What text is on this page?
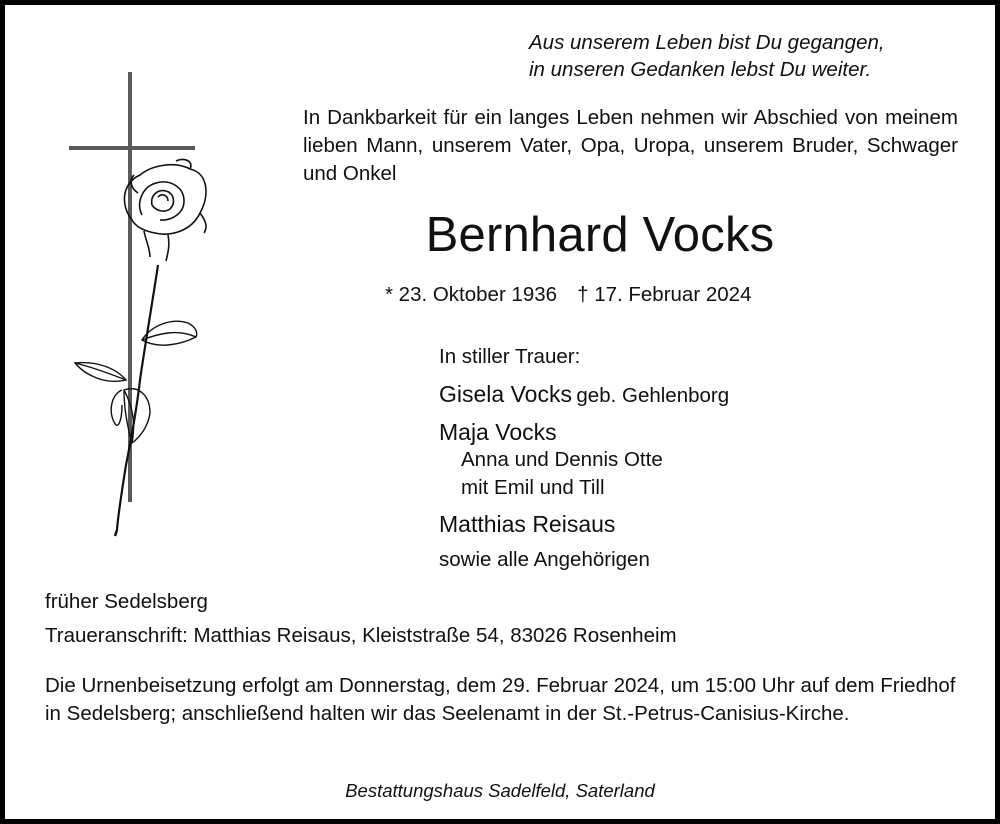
Aus unserem Leben bist Du gegangen,
in unseren Gedanken lebst Du weiter.
In Dankbarkeit für ein langes Leben nehmen wir Abschied von meinem lieben Mann, unserem Vater, Opa, Uropa, unserem Bruder, Schwager und Onkel
Bernhard Vocks
* 23. Oktober 1936 † 17. Februar 2024
In stiller Trauer:
Gisela Vocks geb. Gehlenborg
Maja Vocks
Anna und Dennis Otte
mit Emil und Till
Matthias Reisaus
sowie alle Angehörigen
früher Sedelsberg
Traueranschrift: Matthias Reisaus, Kleiststraße 54, 83026 Rosenheim
Die Urnenbeisetzung erfolgt am Donnerstag, dem 29. Februar 2024, um 15:00 Uhr auf dem Friedhof in Sedelsberg; anschließend halten wir das Seelenamt in der St.-Petrus-Canisius-Kirche.
Bestattungshaus Sadelfeld, Saterland
